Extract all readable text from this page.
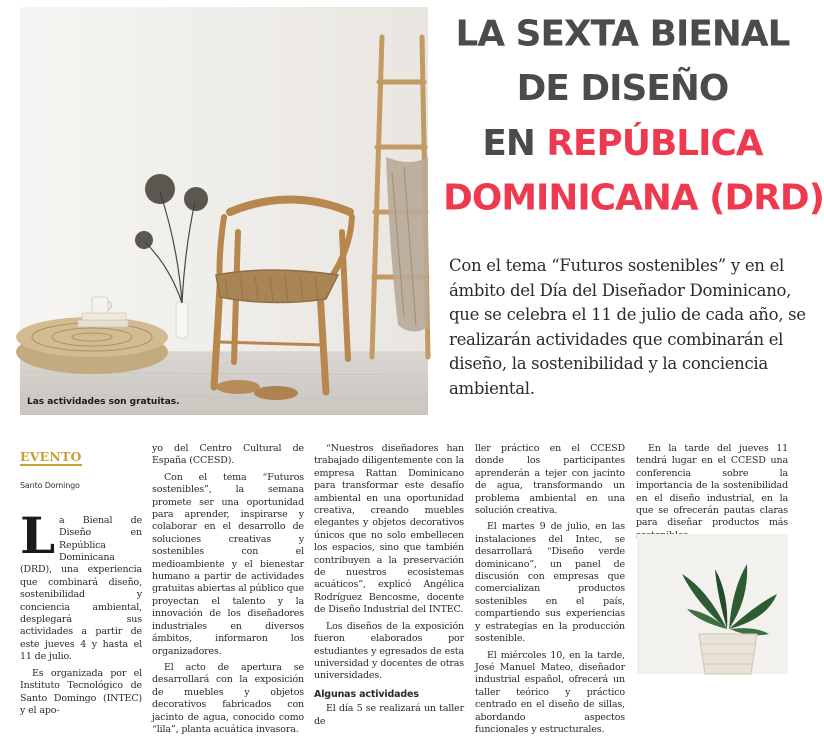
Las actividades son gratuitas.
LA SEXTA BIENAL
DE DISEÑO
EN REPÚBLICA
DOMINICANA (DRD)

Con el tema “Futuros sostenibles” y en el ámbito del Día del Diseñador Dominicano, que se celebra el 11 de julio de cada año, se realizarán actividades que combinarán el diseño, la sostenibilidad y la conciencia ambiental.

EVENTO
Santo Domingo

La Bienal de Diseño en República Dominicana (DRD), una experiencia que combinará diseño, sostenibilidad y conciencia ambiental, desplegará sus actividades a partir de este jueves 4 y hasta el 11 de julio.

Es organizada por el Instituto Tecnológico de Santo Domingo (INTEC) y el apo-

yo del Centro Cultural de España (CCESD).

Con el tema “Futuros sostenibles”, la semana promete ser una oportunidad para aprender, inspirarse y colaborar en el desarrollo de soluciones creativas y sostenibles con el medioambiente y el bienestar humano a partir de actividades gratuitas abiertas al público que proyectan el talento y la innovación de los diseñadores industriales en diversos ámbitos, informaron los organizadores.

El acto de apertura se desarrollará con la exposición de muebles y objetos decorativos fabricados con jacinto de agua, conocido como “lila”, planta acuática invasora.

“Nuestros diseñadores han trabajado diligentemente con la empresa Rattan Dominicano para transformar este desafío ambiental en una oportunidad creativa, creando muebles elegantes y objetos decorativos únicos que no solo embellecen los espacios, sino que también contribuyen a la preservación de nuestros ecosistemas acuáticos”, explicó Angélica Rodríguez Bencosme, docente de Diseño Industrial del INTEC.

Los diseños de la exposición fueron elaborados por estudiantes y egresados de esta universidad y docentes de otras universidades.

Algunas actividades

El día 5 se realizará un taller de

ller práctico en el CCESD donde los participantes aprenderán a tejer con jacinto de agua, transformando un problema ambiental en una solución creativa.

El martes 9 de julio, en las instalaciones del Intec, se desarrollará “Diseño verde dominicano”, un panel de discusión con empresas que comercializan productos sostenibles en el país, compartiendo sus experiencias y estrategias en la producción sostenible.

El miércoles 10, en la tarde, José Manuel Mateo, diseñador industrial español, ofrecerá un taller teórico y práctico centrado en el diseño de sillas, abordando aspectos funcionales y estructurales.

En la tarde del jueves 11 tendrá lugar en el CCESD una conferencia sobre la importancia de la sostenibilidad en el diseño industrial, en la que se ofrecerán pautas claras para diseñar productos más
